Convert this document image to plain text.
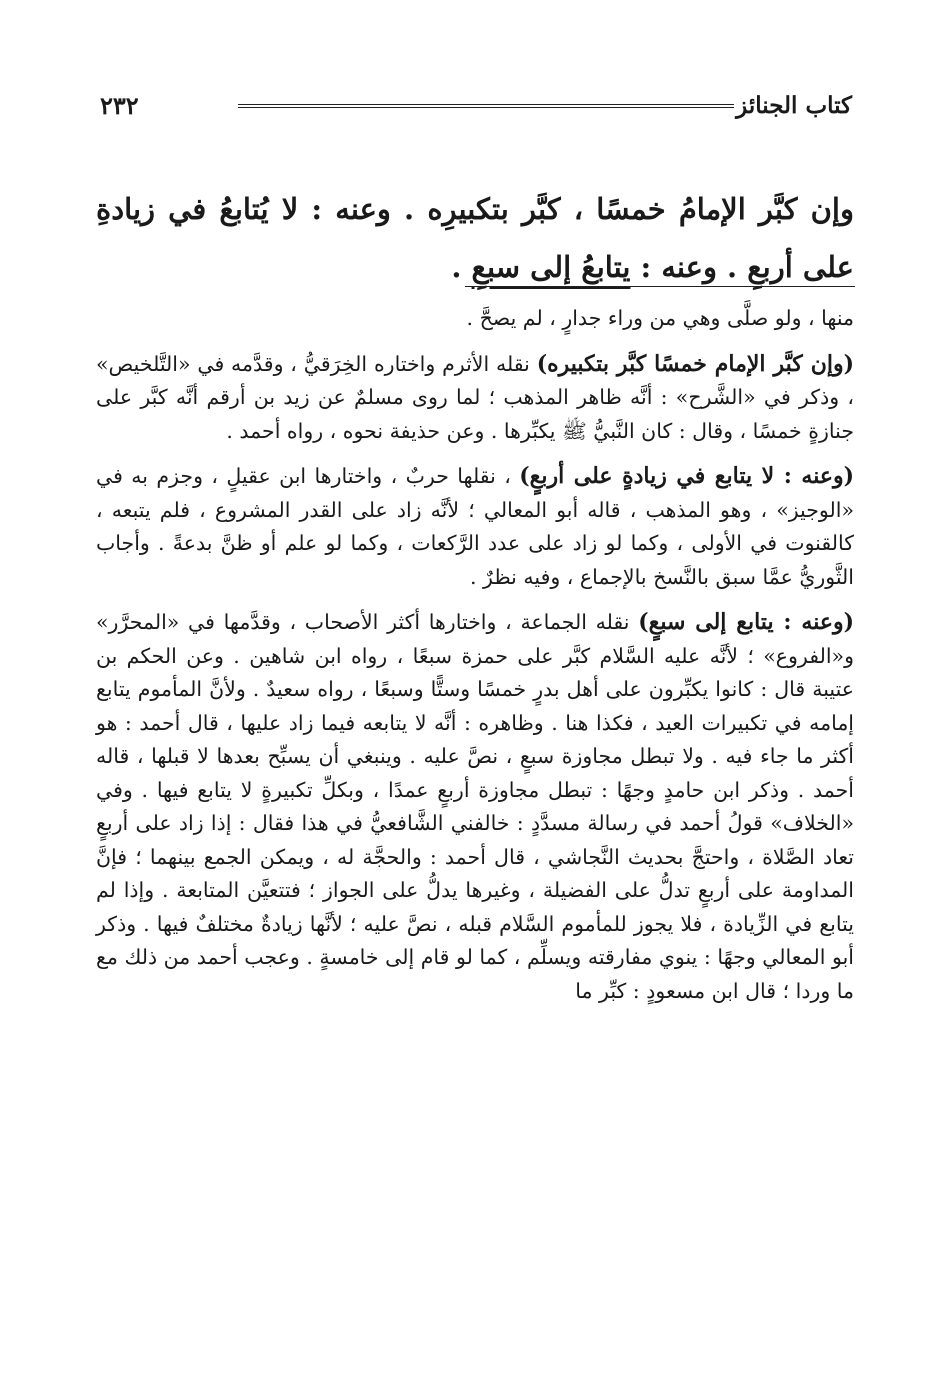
كتاب الجنائز
٢٣٢
وإن كبَّر الإمامُ خمسًا ، كبَّر بتكبيرِه . وعنه : لا يُتابعُ في زيادةِ على أربعِ . وعنه : يتابعُ إلى سبعِ .

منها ، ولو صلَّى وهي من وراء جدارٍ ، لم يصحَّ .

(وإن كبَّر الإمام خمسًا كبَّر بتكبيره) نقله الأثرم واختاره الخِرَقيُّ ، وقدَّمه في «التَّلخيص» ، وذكر في «الشَّرح» : أنَّه ظاهر المذهب ؛ لما روى مسلمٌ عن زيد بن أرقم أنَّه كبَّر على جنازةٍ خمسًا ، وقال : كان النَّبيُّ ﷺ يكبِّرها . وعن حذيفة نحوه ، رواه أحمد .

(وعنه : لا يتابع في زيادةٍ على أربعٍ) ، نقلها حربٌ ، واختارها ابن عقيلٍ ، وجزم به في «الوجيز» ، وهو المذهب ، قاله أبو المعالي ؛ لأنَّه زاد على القدر المشروع ، فلم يتبعه ، كالقنوت في الأولى ، وكما لو زاد على عدد الرَّكعات ، وكما لو علم أو ظنَّ بدعةً . وأجاب الثَّوريُّ عمَّا سبق بالنَّسخ بالإجماع ، وفيه نظرٌ .

(وعنه : يتابع إلى سبعٍ) نقله الجماعة ، واختارها أكثر الأصحاب ، وقدَّمها في «المحرَّر» و«الفروع» ؛ لأنَّه عليه السَّلام كبَّر على حمزة سبعًا ، رواه ابن شاهين . وعن الحكم بن عتيبة قال : كانوا يكبِّرون على أهل بدرٍ خمسًا وستًّا وسبعًا ، رواه سعيدٌ . ولأنَّ المأموم يتابع إمامه في تكبيرات العيد ، فكذا هنا . وظاهره : أنَّه لا يتابعه فيما زاد عليها ، قال أحمد : هو أكثر ما جاء فيه . ولا تبطل مجاوزة سبعٍ ، نصَّ عليه . وينبغي أن يسبِّح بعدها لا قبلها ، قاله أحمد . وذكر ابن حامدٍ وجهًا : تبطل مجاوزة أربعٍ عمدًا ، وبكلِّ تكبيرةٍ لا يتابع فيها . وفي «الخلاف» قولُ أحمد في رسالة مسدَّدٍ : خالفني الشَّافعيُّ في هذا فقال : إذا زاد على أربعٍ تعاد الصَّلاة ، واحتجَّ بحديث النَّجاشي ، قال أحمد : والحجَّة له ، ويمكن الجمع بينهما ؛ فإنَّ المداومة على أربعٍ تدلُّ على الفضيلة ، وغيرها يدلُّ على الجواز ؛ فتتعيَّن المتابعة . وإذا لم يتابع في الزِّيادة ، فلا يجوز للمأموم السَّلام قبله ، نصَّ عليه ؛ لأنَّها زيادةٌ مختلفٌ فيها . وذكر أبو المعالي وجهًا : ينوي مفارقته ويسلِّم ، كما لو قام إلى خامسةٍ . وعجب أحمد من ذلك مع ما وردا ؛ قال ابن مسعودٍ : كبِّر ما
